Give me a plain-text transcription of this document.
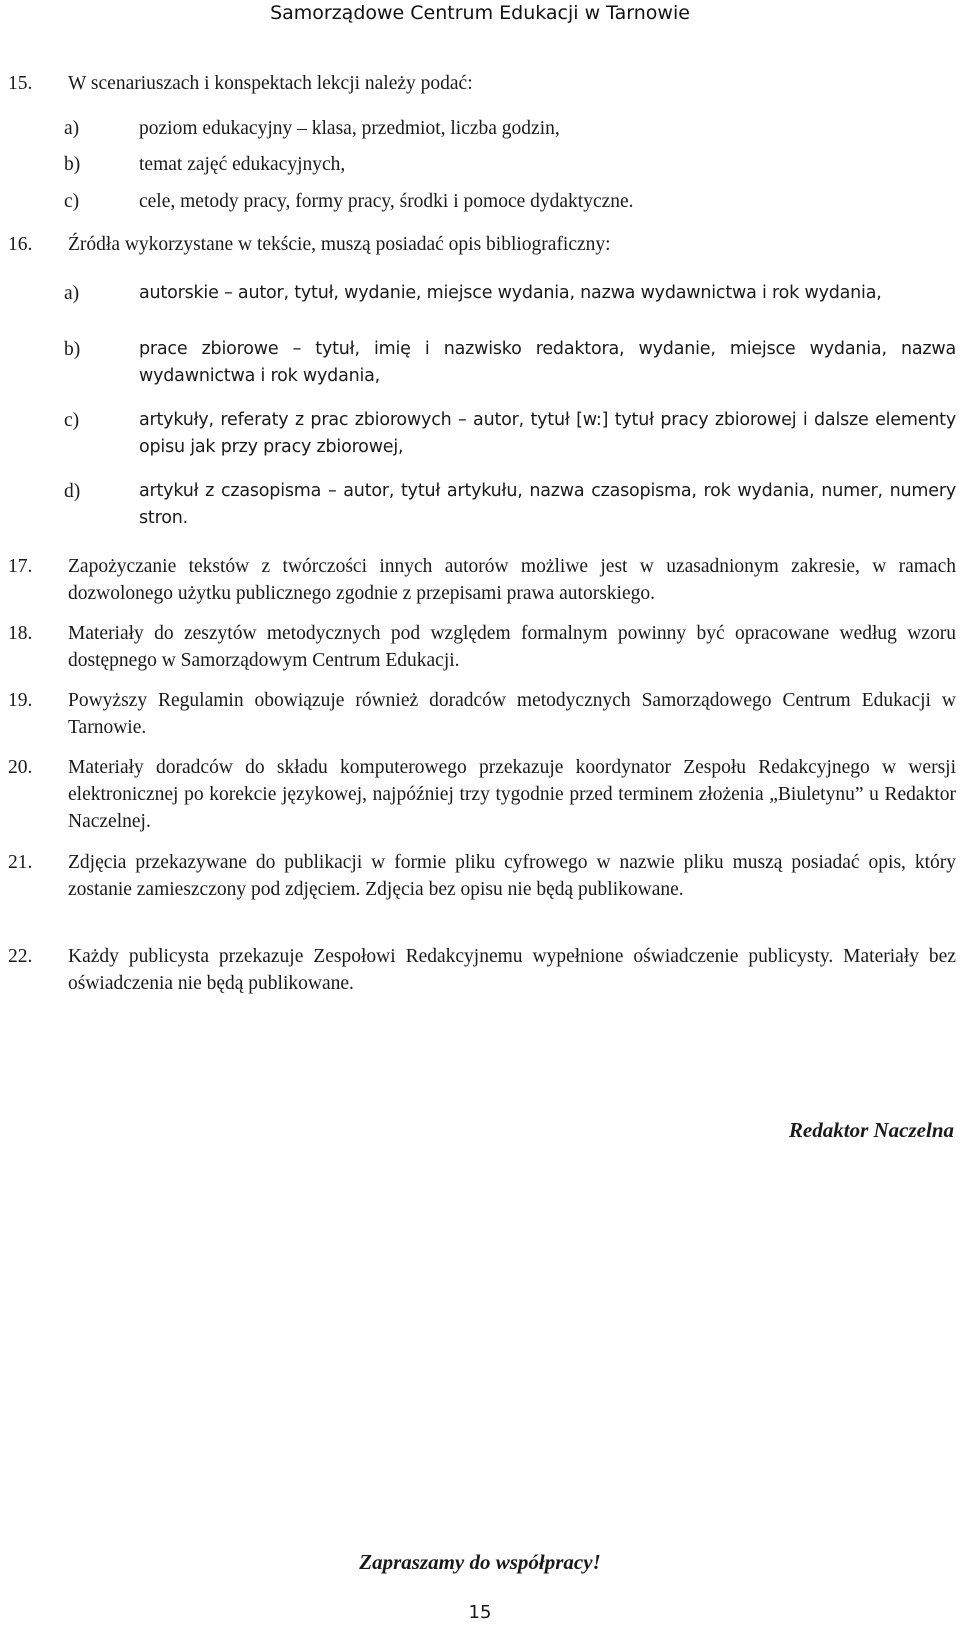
Samorządowe Centrum Edukacji w Tarnowie
15.	W scenariuszach i konspektach lekcji należy podać:
a)	poziom edukacyjny – klasa, przedmiot, liczba godzin,
b)	temat zajęć edukacyjnych,
c)	cele, metody pracy, formy pracy, środki i pomoce dydaktyczne.
16.	Źródła wykorzystane w tekście, muszą posiadać opis bibliograficzny:
a)	autorskie – autor, tytuł, wydanie, miejsce wydania, nazwa wydawnictwa i rok wydania,
b)	prace zbiorowe – tytuł, imię i nazwisko redaktora, wydanie, miejsce wydania, nazwa wydawnictwa i rok wydania,
c)	artykuły, referaty z prac zbiorowych – autor, tytuł [w:] tytuł pracy zbiorowej i dalsze elementy opisu jak przy pracy zbiorowej,
d)	artykuł z czasopisma – autor, tytuł artykułu, nazwa czasopisma, rok wydania, numer, numery stron.
17.	Zapożyczanie tekstów z twórczości innych autorów możliwe jest w uzasadnionym zakresie, w ramach dozwolonego użytku publicznego zgodnie z przepisami prawa autorskiego.
18.	Materiały do zeszytów metodycznych pod względem formalnym powinny być opracowane według wzoru dostępnego w Samorządowym Centrum Edukacji.
19.	Powyższy Regulamin obowiązuje również doradców metodycznych Samorządowego Centrum Edukacji w Tarnowie.
20.	Materiały doradców do składu komputerowego przekazuje koordynator Zespołu Redakcyjnego w wersji elektronicznej po korekcie językowej, najpóźniej trzy tygodnie przed terminem złożenia „Biuletynu” u Redaktor Naczelnej.
21.	Zdjęcia przekazywane do publikacji w formie pliku cyfrowego w nazwie pliku muszą posiadać opis, który zostanie zamieszczony pod zdjęciem. Zdjęcia bez opisu nie będą publikowane.
22.	Każdy publicysta przekazuje Zespołowi Redakcyjnemu wypełnione oświadczenie publicysty. Materiały bez oświadczenia nie będą publikowane.
Redaktor Naczelna
Zapraszamy do współpracy!
15
